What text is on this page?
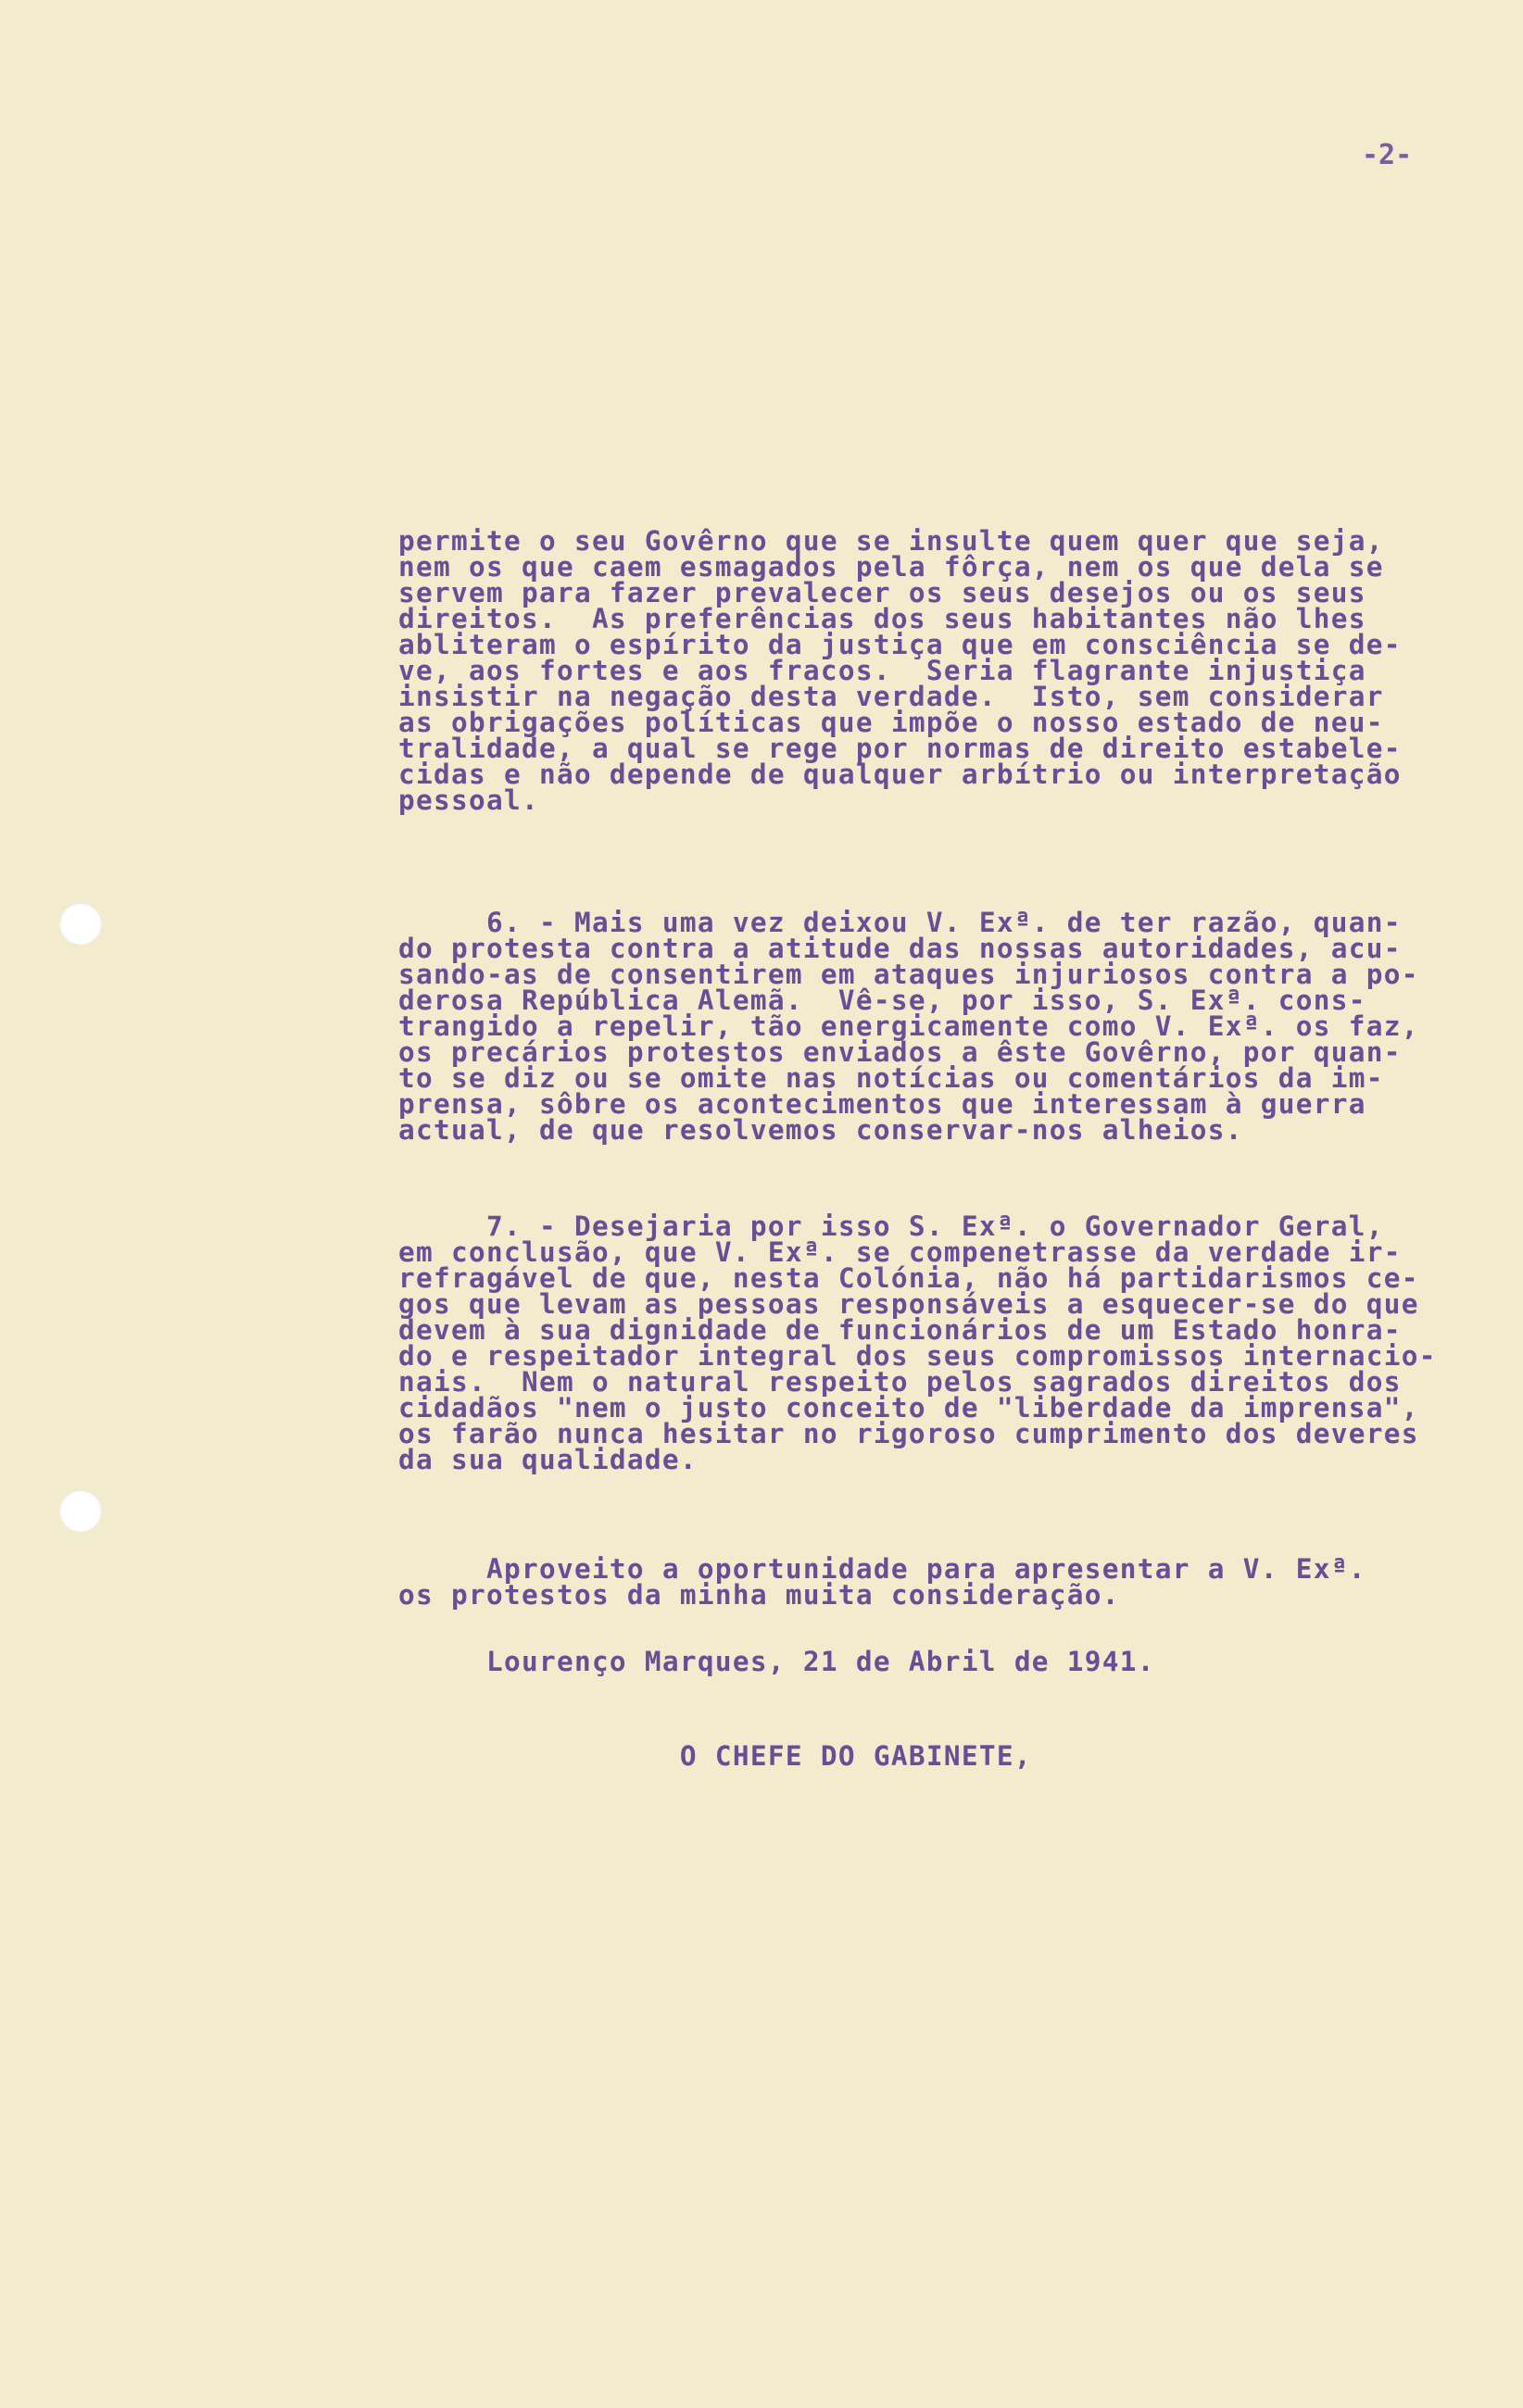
-2-

permite o seu Govêrno que se insulte quem quer que seja,
nem os que caem esmagados pela fôrça, nem os que dela se
servem para fazer prevalecer os seus desejos ou os seus
direitos.  As preferências dos seus habitantes não lhes
abliteram o espírito da justiça que em consciência se de-
ve, aos fortes e aos fracos.  Seria flagrante injustiça
insistir na negação desta verdade.  Isto, sem considerar
as obrigações políticas que impõe o nosso estado de neu-
tralidade, a qual se rege por normas de direito estabele-
cidas e não depende de qualquer arbítrio ou interpretação
pessoal.

6. - Mais uma vez deixou V. Exª. de ter razão, quan-
do protesta contra a atitude das nossas autoridades, acu-
sando-as de consentirem em ataques injuriosos contra a po-
derosa República Alemã.  Vê-se, por isso, S. Exª. cons-
trangido a repelir, tão energicamente como V. Exª. os faz,
os precários protestos enviados a êste Govêrno, por quan-
to se diz ou se omite nas notícias ou comentários da im-
prensa, sôbre os acontecimentos que interessam à guerra
actual, de que resolvemos conservar-nos alheios.

7. - Desejaria por isso S. Exª. o Governador Geral,
em conclusão, que V. Exª. se compenetrasse da verdade ir-
refragável de que, nesta Colónia, não há partidarismos ce-
gos que levam as pessoas responsáveis a esquecer-se do que
devem à sua dignidade de funcionários de um Estado honra-
do e respeitador integral dos seus compromissos internacio-
nais.  Nem o natural respeito pelos sagrados direitos dos
cidadãos "nem o justo conceito de "liberdade da imprensa",
os farão nunca hesitar no rigoroso cumprimento dos deveres
da sua qualidade.

Aproveito a oportunidade para apresentar a V. Exª.
os protestos da minha muita consideração.

Lourenço Marques, 21 de Abril de 1941.

O CHEFE DO GABINETE,
